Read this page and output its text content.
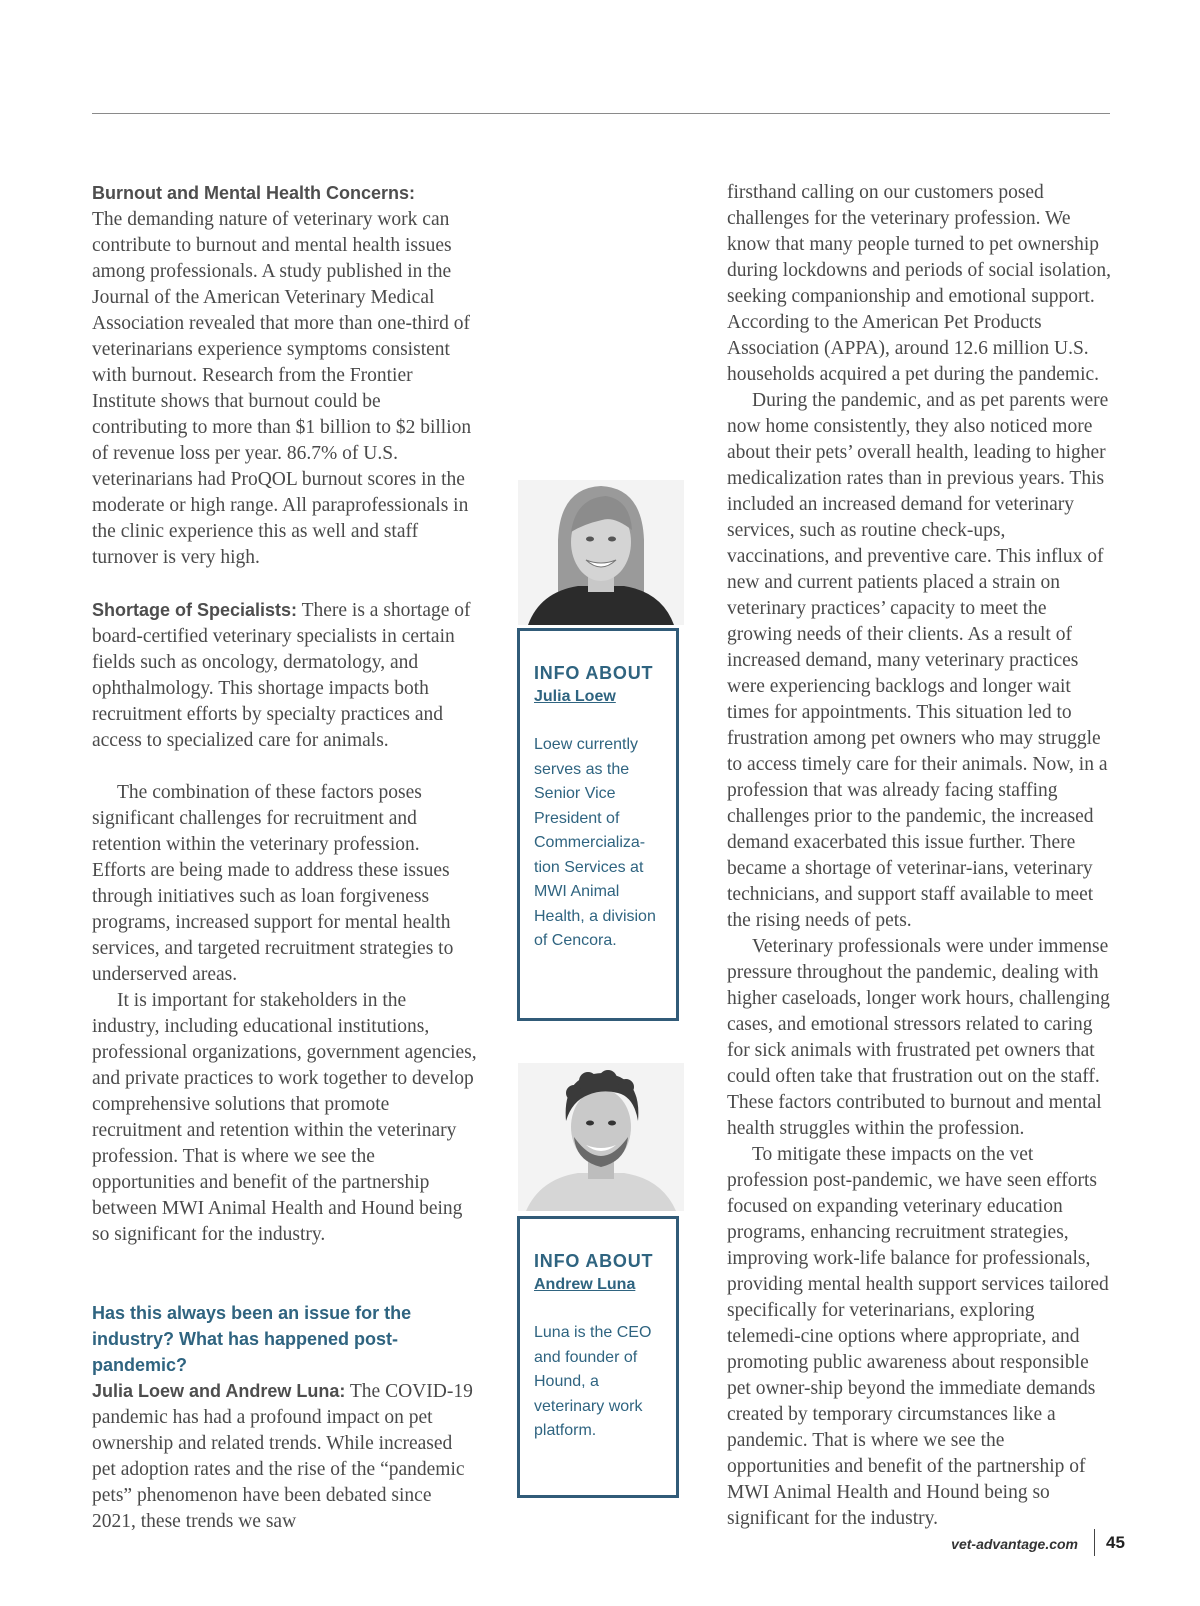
Burnout and Mental Health Concerns:
The demanding nature of veterinary work can contribute to burnout and mental health issues among professionals. A study published in the Journal of the American Veterinary Medical Association revealed that more than one-third of veterinarians experience symptoms consistent with burnout. Research from the Frontier Institute shows that burnout could be contributing to more than $1 billion to $2 billion of revenue loss per year. 86.7% of U.S. veterinarians had ProQOL burnout scores in the moderate or high range. All paraprofessionals in the clinic experience this as well and staff turnover is very high.

Shortage of Specialists: There is a shortage of board-certified veterinary specialists in certain fields such as oncology, dermatology, and ophthalmology. This shortage impacts both recruitment efforts by specialty practices and access to specialized care for animals.

The combination of these factors poses significant challenges for recruitment and retention within the veterinary profession. Efforts are being made to address these issues through initiatives such as loan forgiveness programs, increased support for mental health services, and targeted recruitment strategies to underserved areas.

It is important for stakeholders in the industry, including educational institutions, professional organizations, government agencies, and private practices to work together to develop comprehensive solutions that promote recruitment and retention within the veterinary profession. That is where we see the opportunities and benefit of the partnership between MWI Animal Health and Hound being so significant for the industry.

Has this always been an issue for the industry? What has happened post-pandemic?

Julia Loew and Andrew Luna: The COVID-19 pandemic has had a profound impact on pet ownership and related trends. While increased pet adoption rates and the rise of the “pandemic pets” phenomenon have been debated since 2021, these trends we saw

INFO ABOUT

Julia Loew

Loew currently serves as the Senior Vice President of Commercializa-tion Services at MWI Animal Health, a division of Cencora.

INFO ABOUT

Andrew Luna

Luna is the CEO and founder of Hound, a veterinary work platform.

firsthand calling on our customers posed challenges for the veterinary profession. We know that many people turned to pet ownership during lockdowns and periods of social isolation, seeking companionship and emotional support. According to the American Pet Products Association (APPA), around 12.6 million U.S. households acquired a pet during the pandemic.

During the pandemic, and as pet parents were now home consistently, they also noticed more about their pets’ overall health, leading to higher medicalization rates than in previous years. This included an increased demand for veterinary services, such as routine check-ups, vaccinations, and preventive care. This influx of new and current patients placed a strain on veterinary practices’ capacity to meet the growing needs of their clients. As a result of increased demand, many veterinary practices were experiencing backlogs and longer wait times for appointments. This situation led to frustration among pet owners who may struggle to access timely care for their animals. Now, in a profession that was already facing staffing challenges prior to the pandemic, the increased demand exacerbated this issue further. There became a shortage of veterinar-ians, veterinary technicians, and support staff available to meet the rising needs of pets.

Veterinary professionals were under immense pressure throughout the pandemic, dealing with higher caseloads, longer work hours, challenging cases, and emotional stressors related to caring for sick animals with frustrated pet owners that could often take that frustration out on the staff. These factors contributed to burnout and mental health struggles within the profession.

To mitigate these impacts on the vet profession post-pandemic, we have seen efforts focused on expanding veterinary education programs, enhancing recruitment strategies, improving work-life balance for professionals, providing mental health support services tailored specifically for veterinarians, exploring telemedi-cine options where appropriate, and promoting public awareness about responsible pet owner-ship beyond the immediate demands created by temporary circumstances like a pandemic. That is where we see the opportunities and benefit of the partnership of MWI Animal Health and Hound being so significant for the industry.

vet-advantage.com 45
